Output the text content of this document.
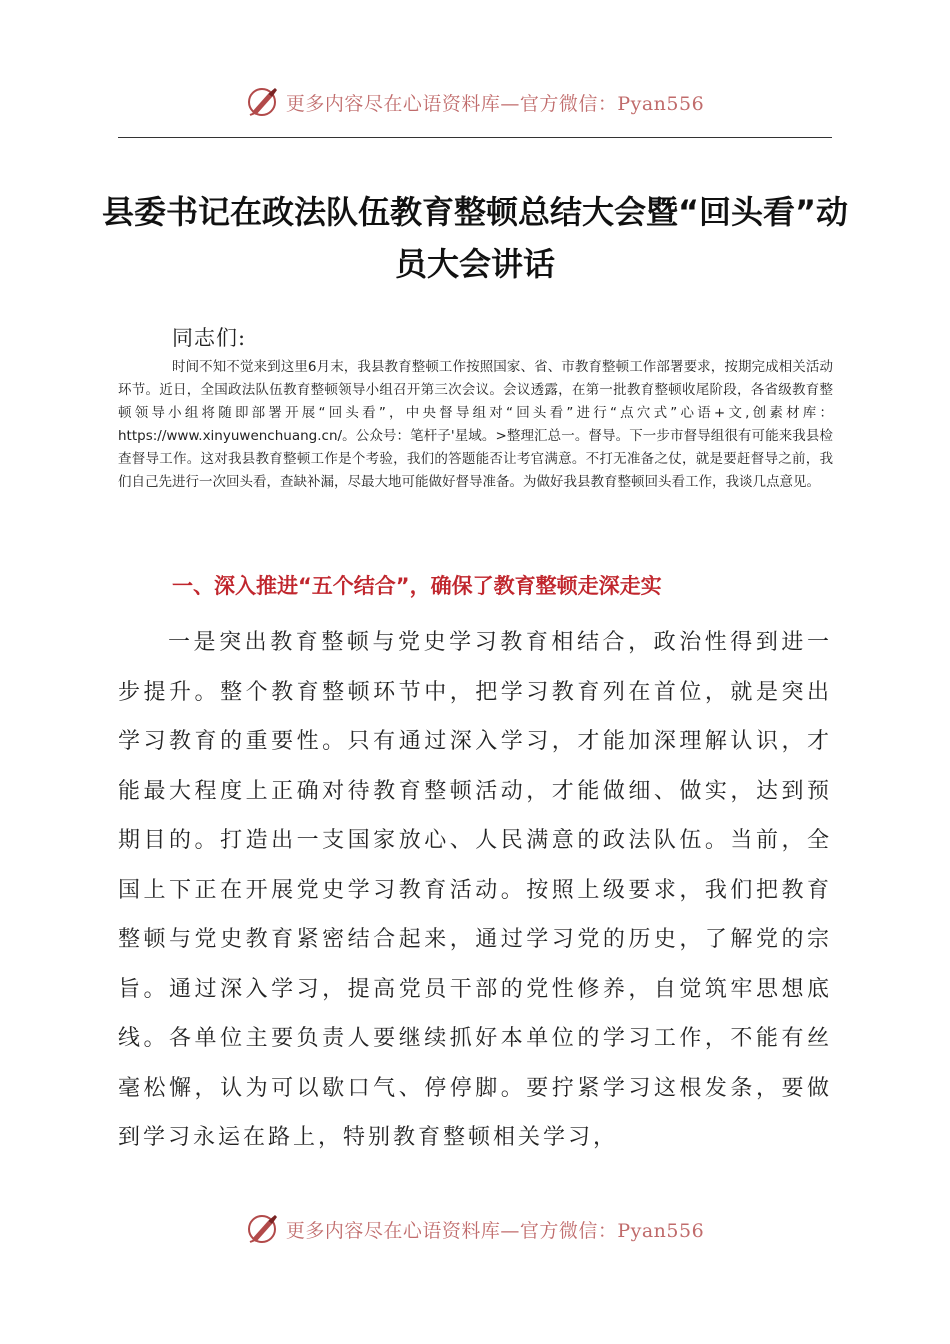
更多内容尽在心语资料库—官方微信：Pyan556
县委书记在政法队伍教育整顿总结大会暨“回头看”动员大会讲话
同志们:

时间不知不觉来到这里6月末，我县教育整顿工作按照国家、省、市教育整顿工作部署要求，按期完成相关活动环节。近日，全国政法队伍教育整顿领导小组召开第三次会议。会议透露，在第一批教育整顿收尾阶段，各省级教育整顿领导小组将随即部署开展“回头看”，中央督导组对“回头看”进行“点穴式”心语+文,创素材库：https://www.xinyuwenchuang.cn/。公众号：笔杆子'星域。>整理汇总一。督导。下一步市督导组很有可能来我县检查督导工作。这对我县教育整顿工作是个考验，我们的答题能否让考官满意。不打无准备之仗，就是要赶督导之前，我们自己先进行一次回头看，查缺补漏，尽最大地可能做好督导准备。为做好我县教育整顿回头看工作，我谈几点意见。

一、深入推进“五个结合”，确保了教育整顿走深走实

一是突出教育整顿与党史学习教育相结合，政治性得到进一步提升。整个教育整顿环节中，把学习教育列在首位，就是突出学习教育的重要性。只有通过深入学习，才能加深理解认识，才能最大程度上正确对待教育整顿活动，才能做细、做实，达到预期目的。打造出一支国家放心、人民满意的政法队伍。当前，全国上下正在开展党史学习教育活动。按照上级要求，我们把教育整顿与党史教育紧密结合起来，通过学习党的历史，了解党的宗旨。通过深入学习，提高党员干部的党性修养，自觉筑牢思想底线。各单位主要负责人要继续抓好本单位的学习工作，不能有丝毫松懈，认为可以歇口气、停停脚。要拧紧学习这根发条，要做到学习永运在路上，特别教育整顿相关学习，

更多内容尽在心语资料库—官方微信：Pyan556
